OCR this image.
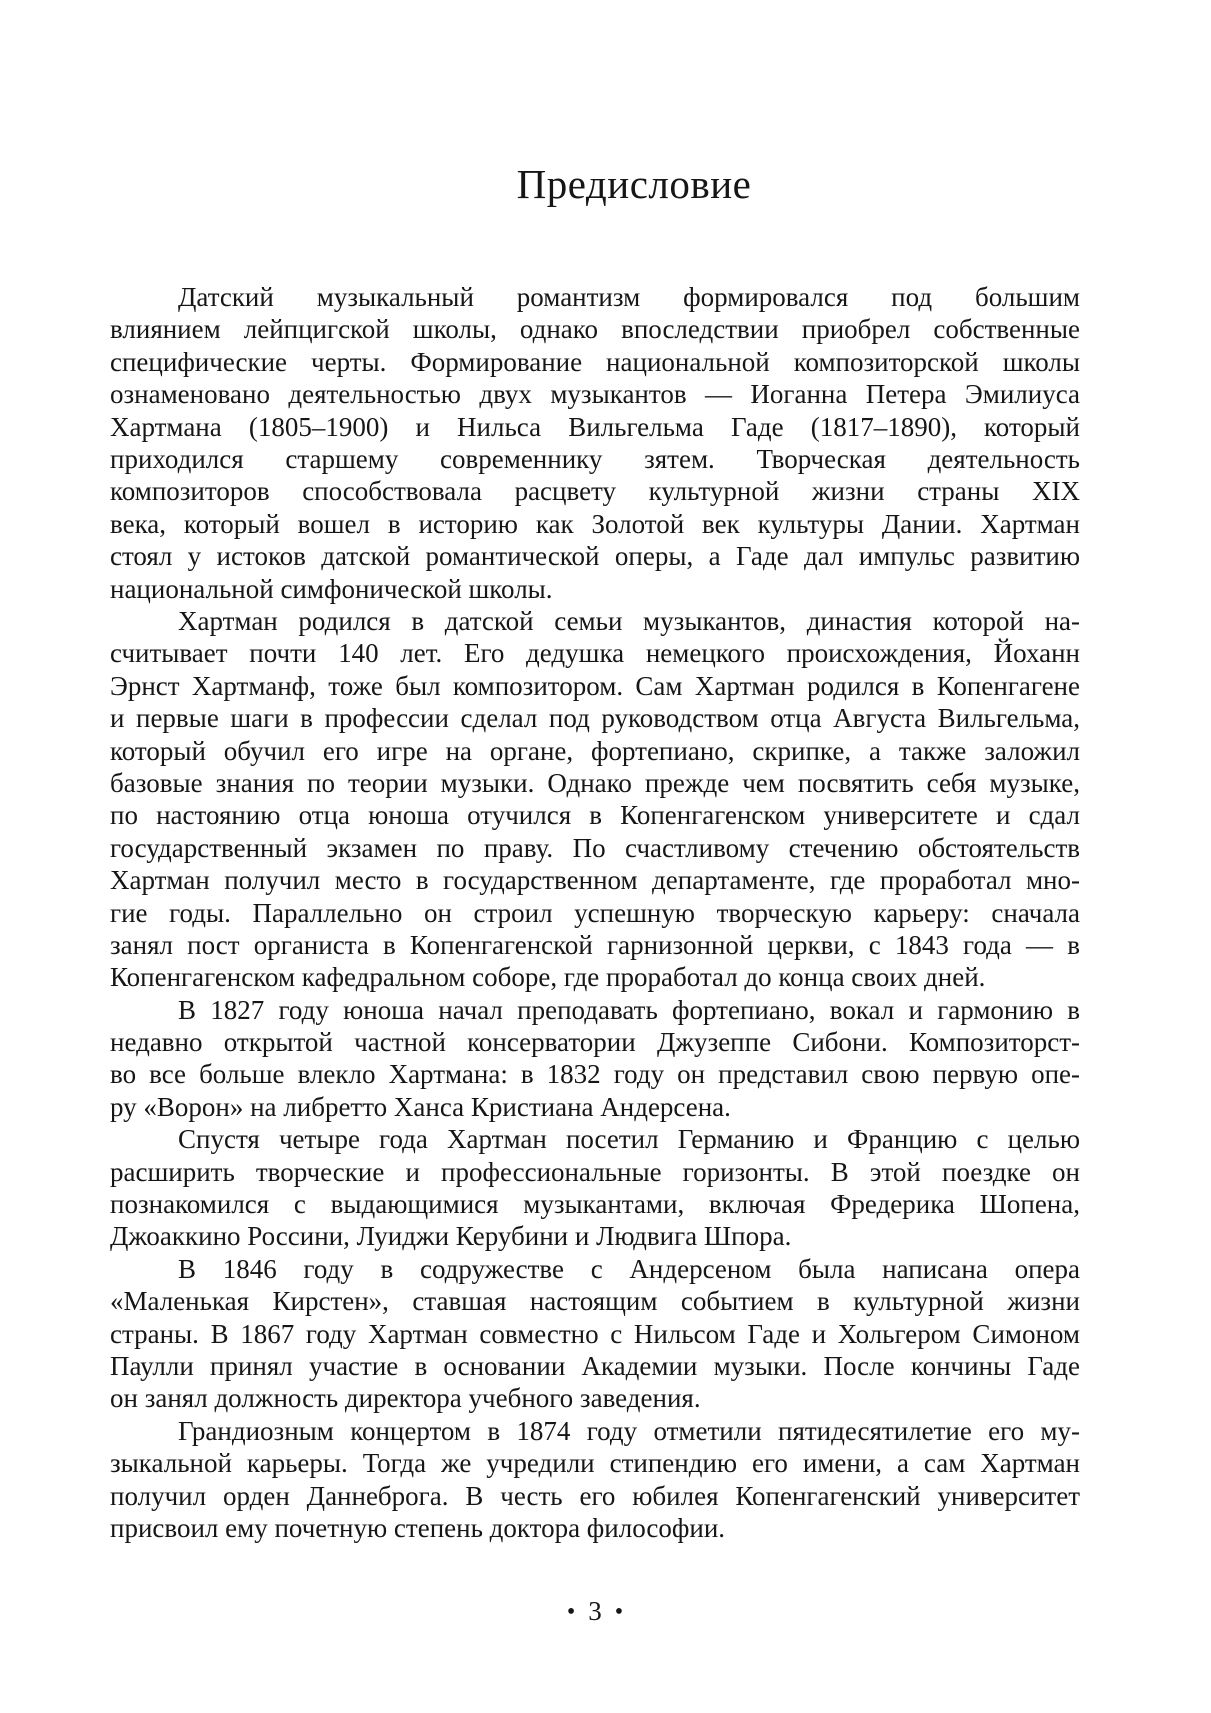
Предисловие
Датский музыкальный романтизм формировался под большим
влиянием лейпцигской школы, однако впоследствии приобрел собственные
специфические черты. Формирование национальной композиторской школы
ознаменовано деятельностью двух музыкантов — Иоганна Петера Эмилиуса
Хартмана (1805–1900) и Нильса Вильгельма Гаде (1817–1890), который
приходился старшему современнику зятем. Творческая деятельность
композиторов способствовала расцвету культурной жизни страны XIX
века, который вошел в историю как Золотой век культуры Дании. Хартман
стоял у истоков датской романтической оперы, а Гаде дал импульс развитию
национальной симфонической школы.
Хартман родился в датской семьи музыкантов, династия которой на-
считывает почти 140 лет. Его дедушка немецкого происхождения, Йоханн
Эрнст Хартманф, тоже был композитором. Сам Хартман родился в Копенгагене
и первые шаги в профессии сделал под руководством отца Августа Вильгельма,
который обучил его игре на органе, фортепиано, скрипке, а также заложил
базовые знания по теории музыки. Однако прежде чем посвятить себя музыке,
по настоянию отца юноша отучился в Копенгагенском университете и сдал
государственный экзамен по праву. По счастливому стечению обстоятельств
Хартман получил место в государственном департаменте, где проработал мно-
гие годы. Параллельно он строил успешную творческую карьеру: сначала
занял пост органиста в Копенгагенской гарнизонной церкви, с 1843 года — в
Копенгагенском кафедральном соборе, где проработал до конца своих дней.
В 1827 году юноша начал преподавать фортепиано, вокал и гармонию в
недавно открытой частной консерватории Джузеппе Сибони. Композиторст-
во все больше влекло Хартмана: в 1832 году он представил свою первую опе-
ру «Ворон» на либретто Ханса Кристиана Андерсена.
Спустя четыре года Хартман посетил Германию и Францию с целью
расширить творческие и профессиональные горизонты. В этой поездке он
познакомился с выдающимися музыкантами, включая Фредерика Шопена,
Джоаккино Россини, Луиджи Керубини и Людвига Шпора.
В 1846 году в содружестве с Андерсеном была написана опера
«Маленькая Кирстен», ставшая настоящим событием в культурной жизни
страны. В 1867 году Хартман совместно с Нильсом Гаде и Хольгером Симоном
Паулли принял участие в основании Академии музыки. После кончины Гаде
он занял должность директора учебного заведения.
Грандиозным концертом в 1874 году отметили пятидесятилетие его му-
зыкальной карьеры. Тогда же учредили стипендию его имени, а сам Хартман
получил орден Даннеброга. В честь его юбилея Копенгагенский университет
присвоил ему почетную степень доктора философии.
• 3 •
